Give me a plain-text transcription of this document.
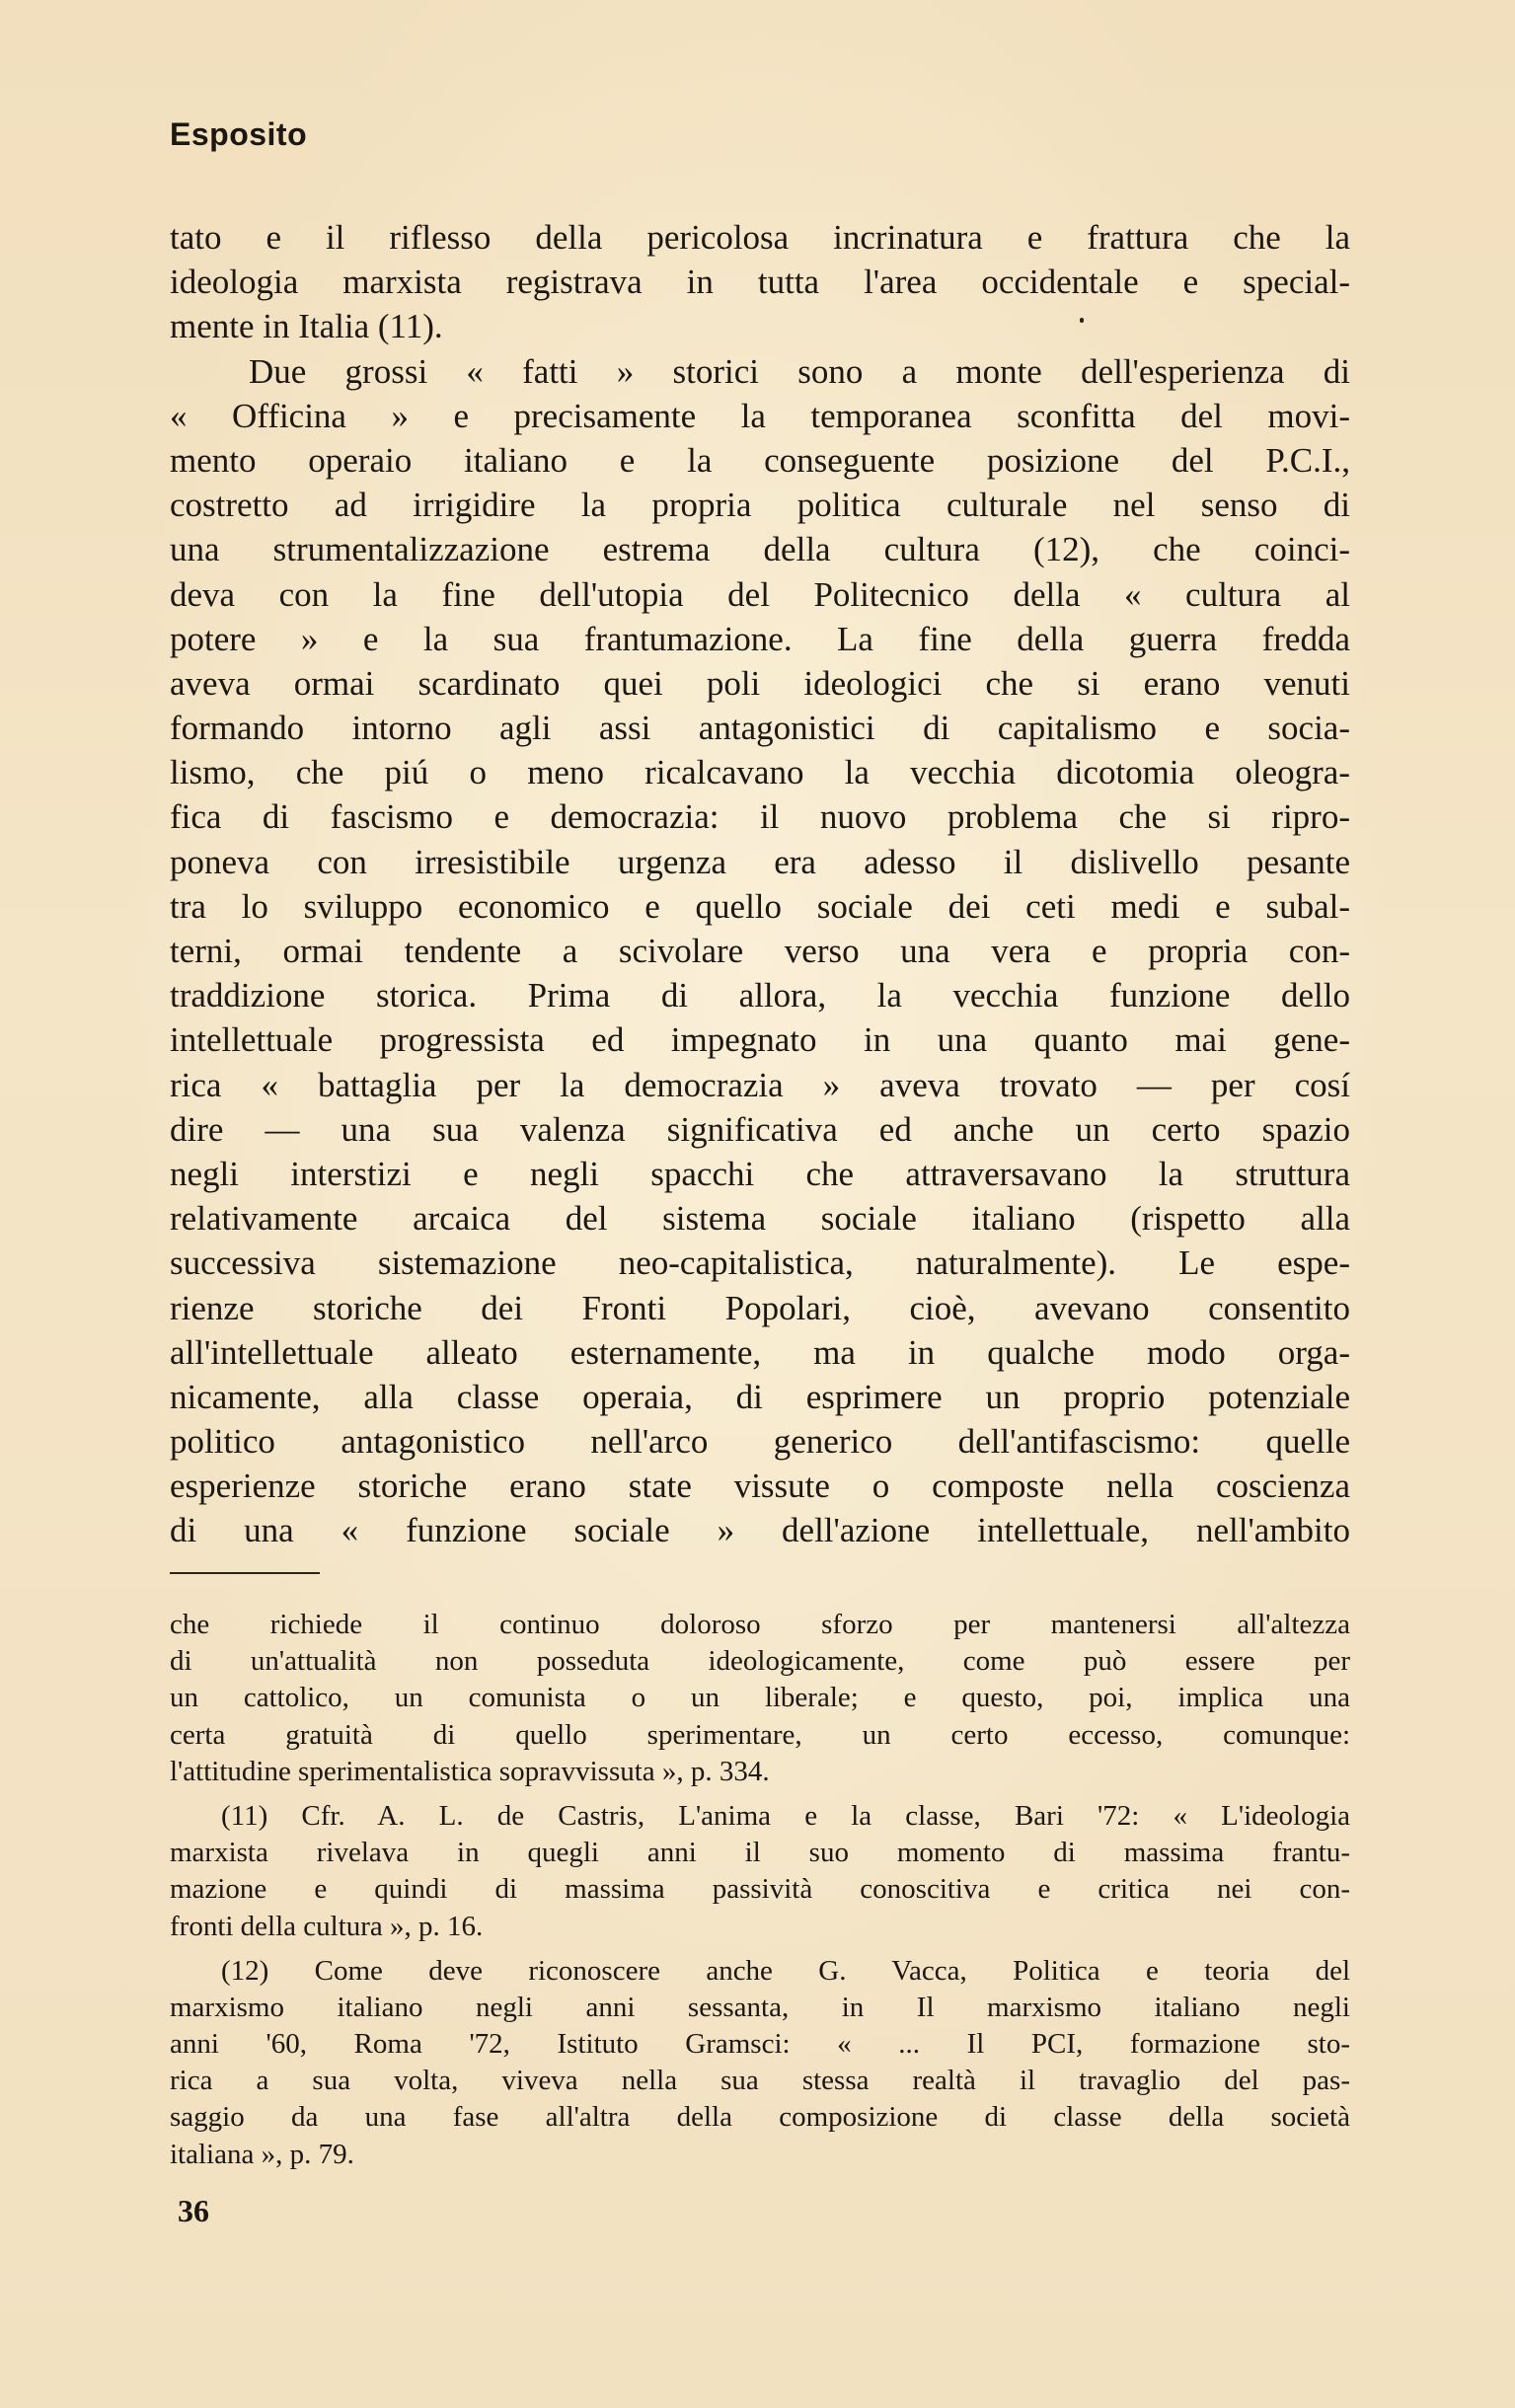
Esposito
tato e il riflesso della pericolosa incrinatura e frattura che la
ideologia marxista registrava in tutta l'area occidentale e special-
mente in Italia (11).
Due grossi « fatti » storici sono a monte dell'esperienza di
« Officina » e precisamente la temporanea sconfitta del movi-
mento operaio italiano e la conseguente posizione del P.C.I.,
costretto ad irrigidire la propria politica culturale nel senso di
una strumentalizzazione estrema della cultura (12), che coinci-
deva con la fine dell'utopia del Politecnico della « cultura al
potere » e la sua frantumazione. La fine della guerra fredda
aveva ormai scardinato quei poli ideologici che si erano venuti
formando intorno agli assi antagonistici di capitalismo e socia-
lismo, che piú o meno ricalcavano la vecchia dicotomia oleogra-
fica di fascismo e democrazia: il nuovo problema che si ripro-
poneva con irresistibile urgenza era adesso il dislivello pesante
tra lo sviluppo economico e quello sociale dei ceti medi e subal-
terni, ormai tendente a scivolare verso una vera e propria con-
traddizione storica. Prima di allora, la vecchia funzione dello
intellettuale progressista ed impegnato in una quanto mai gene-
rica « battaglia per la democrazia » aveva trovato — per cosí
dire — una sua valenza significativa ed anche un certo spazio
negli interstizi e negli spacchi che attraversavano la struttura
relativamente arcaica del sistema sociale italiano (rispetto alla
successiva sistemazione neo-capitalistica, naturalmente). Le espe-
rienze storiche dei Fronti Popolari, cioè, avevano consentito
all'intellettuale alleato esternamente, ma in qualche modo orga-
nicamente, alla classe operaia, di esprimere un proprio potenziale
politico antagonistico nell'arco generico dell'antifascismo: quelle
esperienze storiche erano state vissute o composte nella coscienza
di una « funzione sociale » dell'azione intellettuale, nell'ambito
che richiede il continuo doloroso sforzo per mantenersi all'altezza
di un'attualità non posseduta ideologicamente, come può essere per
un cattolico, un comunista o un liberale; e questo, poi, implica una
certa gratuità di quello sperimentare, un certo eccesso, comunque:
l'attitudine sperimentalistica sopravvissuta », p. 334.
(11) Cfr. A. L. de Castris, L'anima e la classe, Bari '72: « L'ideologia
marxista rivelava in quegli anni il suo momento di massima frantu-
mazione e quindi di massima passività conoscitiva e critica nei con-
fronti della cultura », p. 16.
(12) Come deve riconoscere anche G. Vacca, Politica e teoria del
marxismo italiano negli anni sessanta, in Il marxismo italiano negli
anni '60, Roma '72, Istituto Gramsci: « ... Il PCI, formazione sto-
rica a sua volta, viveva nella sua stessa realtà il travaglio del pas-
saggio da una fase all'altra della composizione di classe della società
italiana », p. 79.
36
